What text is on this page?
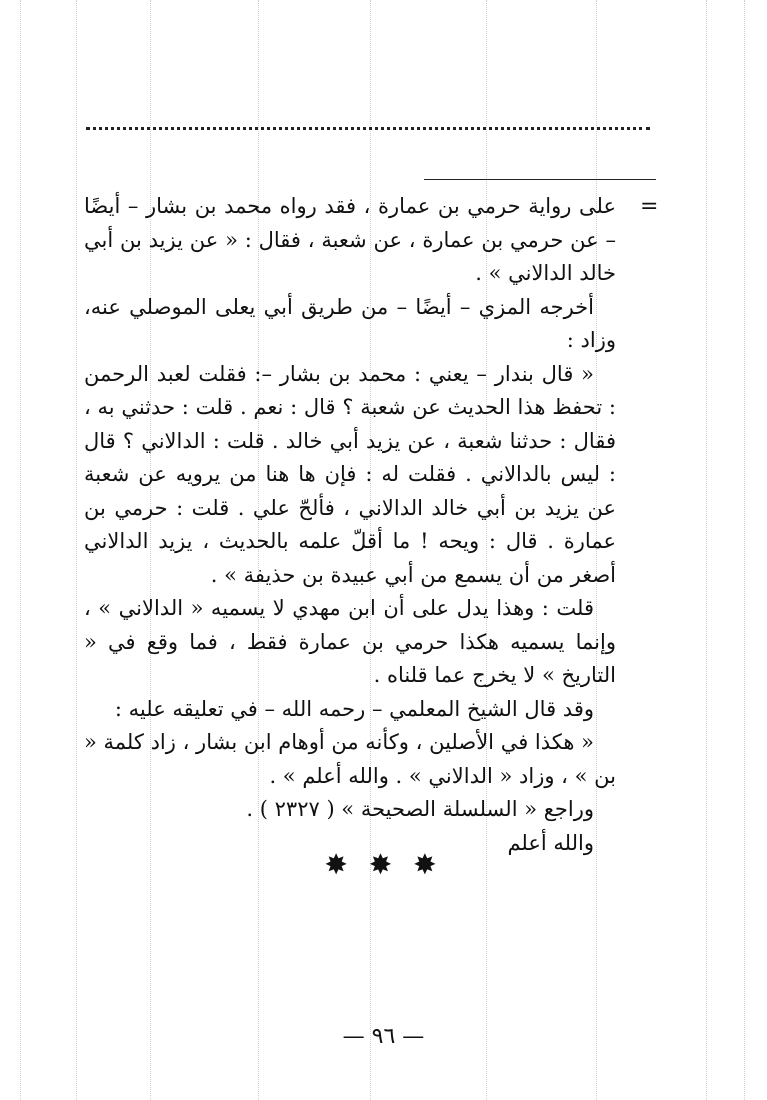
=

على رواية حرمي بن عمارة ، فقد رواه محمد بن بشار – أيضًا – عن حرمي بن عمارة ، عن شعبة ، فقال : « عن يزيد بن أبي خالد الدالاني » .

أخرجه المزي – أيضًا – من طريق أبي يعلى الموصلي عنه، وزاد :

« قال بندار – يعني : محمد بن بشار –: فقلت لعبد الرحمن : تحفظ هذا الحديث عن شعبة ؟ قال : نعم . قلت : حدثني به ، فقال : حدثنا شعبة ، عن يزيد أبي خالد . قلت : الدالاني ؟ قال : ليس بالدالاني . فقلت له : فإن ها هنا من يرويه عن شعبة عن يزيد بن أبي خالد الدالاني ، فألحّ علي . قلت : حرمي بن عمارة . قال : ويحه ! ما أقلّ علمه بالحديث ، يزيد الدالاني أصغر من أن يسمع من أبي عبيدة بن حذيفة » .

قلت : وهذا يدل على أن ابن مهدي لا يسميه « الدالاني » ، وإنما يسميه هكذا حرمي بن عمارة فقط ، فما وقع في « التاريخ » لا يخرج عما قلناه .

وقد قال الشيخ المعلمي – رحمه الله – في تعليقه عليه :

« هكذا في الأصلين ، وكأنه من أوهام ابن بشار ، زاد كلمة « بن » ، وزاد « الدالاني » . والله أعلم » .

وراجع « السلسلة الصحيحة » ( ٢٣٢٧ ) .

والله أعلم

✸ ✸ ✸
— ٩٦ —
